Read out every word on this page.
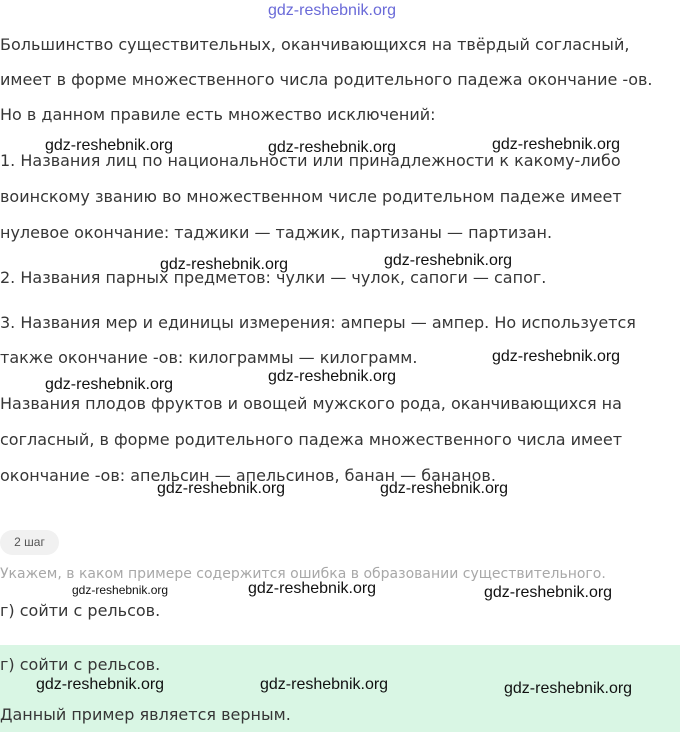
gdz-reshebnik.org
Большинство существительных, оканчивающихся на твёрдый согласный,
имеет в форме множественного числа родительного падежа окончание -ов.
Но в данном правиле есть множество исключений:
1. Названия лиц по национальности или принадлежности к какому-либо
воинскому званию во множественном числе родительном падеже имеет
нулевое окончание: таджики — таджик, партизаны — партизан.
2. Названия парных предметов: чулки — чулок, сапоги — сапог.
3. Названия мер и единицы измерения: амперы — ампер. Но используется
также окончание -ов: килограммы — килограмм.
Названия плодов фруктов и овощей мужского рода, оканчивающихся на
согласный, в форме родительного падежа множественного числа имеет
окончание -ов: апельсин — апельсинов, банан — бананов.
2 шаг
Укажем, в каком примере содержится ошибка в образовании существительного.
г) сойти с рельсов.
г) сойти с рельсов.
Данный пример является верным.
gdz-reshebnik.org	gdz-reshebnik.org	gdz-reshebnik.org
gdz-reshebnik.org	gdz-reshebnik.org
gdz-reshebnik.org
gdz-reshebnik.org
gdz-reshebnik.org
gdz-reshebnik.org	gdz-reshebnik.org
gdz-reshebnik.org	gdz-reshebnik.org	gdz-reshebnik.org
gdz-reshebnik.org	gdz-reshebnik.org	gdz-reshebnik.org
